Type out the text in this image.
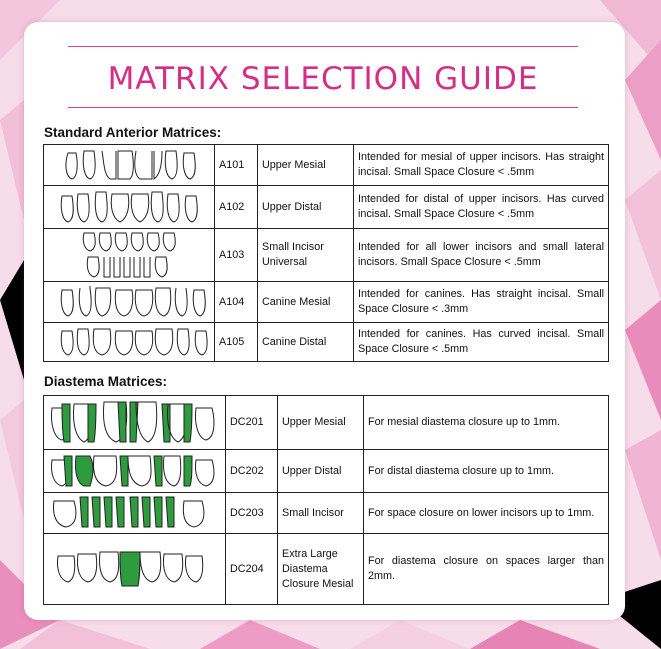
MATRIX SELECTION GUIDE
Standard Anterior Matrices:
	A101	Upper Mesial	Intended for mesial of upper incisors. Has straight incisal. Small Space Closure < .5mm

	A102	Upper Distal	Intended for distal of upper incisors. Has curved incisal. Small Space Closure < .5mm

	A103	Small Incisor Universal	Intended for all lower incisors and small lateral incisors. Small Space Closure < .5mm

	A104	Canine Mesial	Intended for canines. Has straight incisal. Small Space Closure < .3mm

	A105	Canine Distal	Intended for canines. Has curved incisal. Small Space Closure < .5mm
Diastema Matrices:
	DC201	Upper Mesial	For mesial diastema closure up to 1mm.

	DC202	Upper Distal	For distal diastema closure up to 1mm.

	DC203	Small Incisor	For space closure on lower incisors up to 1mm.

	DC204	Extra Large Diastema Closure Mesial	For diastema closure on spaces larger than 2mm.
